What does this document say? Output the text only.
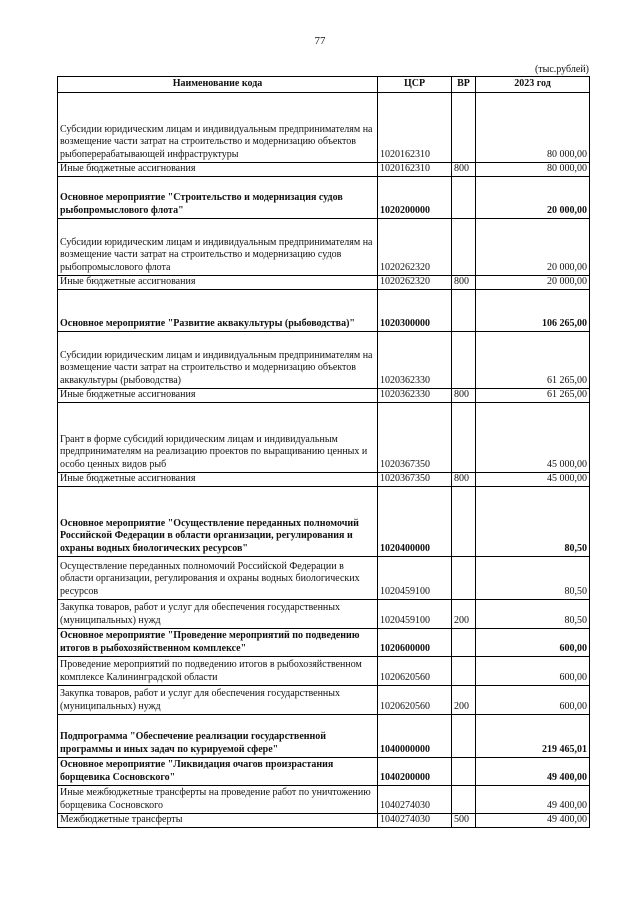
77
(тыс.рублей)
Наименование кода	ЦСР	ВР	2023 год
Субсидии юридическим лицам и индивидуальным предпринимателям на возмещение части затрат на строительство и модернизацию объектов рыбоперерабатывающей инфраструктуры	1020162310		80 000,00
Иные бюджетные ассигнования	1020162310	800	80 000,00
Основное мероприятие "Строительство и модернизация судов рыбопромыслового флота"	1020200000		20 000,00
Субсидии юридическим лицам и индивидуальным предпринимателям на возмещение части затрат на строительство и модернизацию судов рыбопромыслового флота	1020262320		20 000,00
Иные бюджетные ассигнования	1020262320	800	20 000,00
Основное мероприятие "Развитие аквакультуры (рыбоводства)"	1020300000		106 265,00
Субсидии юридическим лицам и индивидуальным предпринимателям на возмещение части затрат на строительство и модернизацию объектов аквакультуры (рыбоводства)	1020362330		61 265,00
Иные бюджетные ассигнования	1020362330	800	61 265,00
Грант в форме субсидий юридическим лицам и индивидуальным предпринимателям на реализацию проектов по выращиванию ценных и особо ценных видов рыб	1020367350		45 000,00
Иные бюджетные ассигнования	1020367350	800	45 000,00
Основное мероприятие "Осуществление переданных полномочий Российской Федерации в области организации, регулирования и охраны водных биологических ресурсов"	1020400000		80,50
Осуществление переданных полномочий Российской Федерации в области организации, регулирования и охраны водных биологических ресурсов	1020459100		80,50
Закупка товаров, работ и услуг для обеспечения государственных (муниципальных) нужд	1020459100	200	80,50
Основное мероприятие "Проведение мероприятий по подведению итогов в рыбохозяйственном комплексе"	1020600000		600,00
Проведение мероприятий по подведению итогов в рыбохозяйственном комплексе Калининградской области	1020620560		600,00
Закупка товаров, работ и услуг для обеспечения государственных (муниципальных) нужд	1020620560	200	600,00
Подпрограмма "Обеспечение реализации государственной программы и иных задач по курируемой сфере"	1040000000		219 465,01
Основное мероприятие "Ликвидация очагов произрастания борщевика Сосновского"	1040200000		49 400,00
Иные межбюджетные трансферты на проведение работ по уничтожению борщевика Сосновского	1040274030		49 400,00
Межбюджетные трансферты	1040274030	500	49 400,00
